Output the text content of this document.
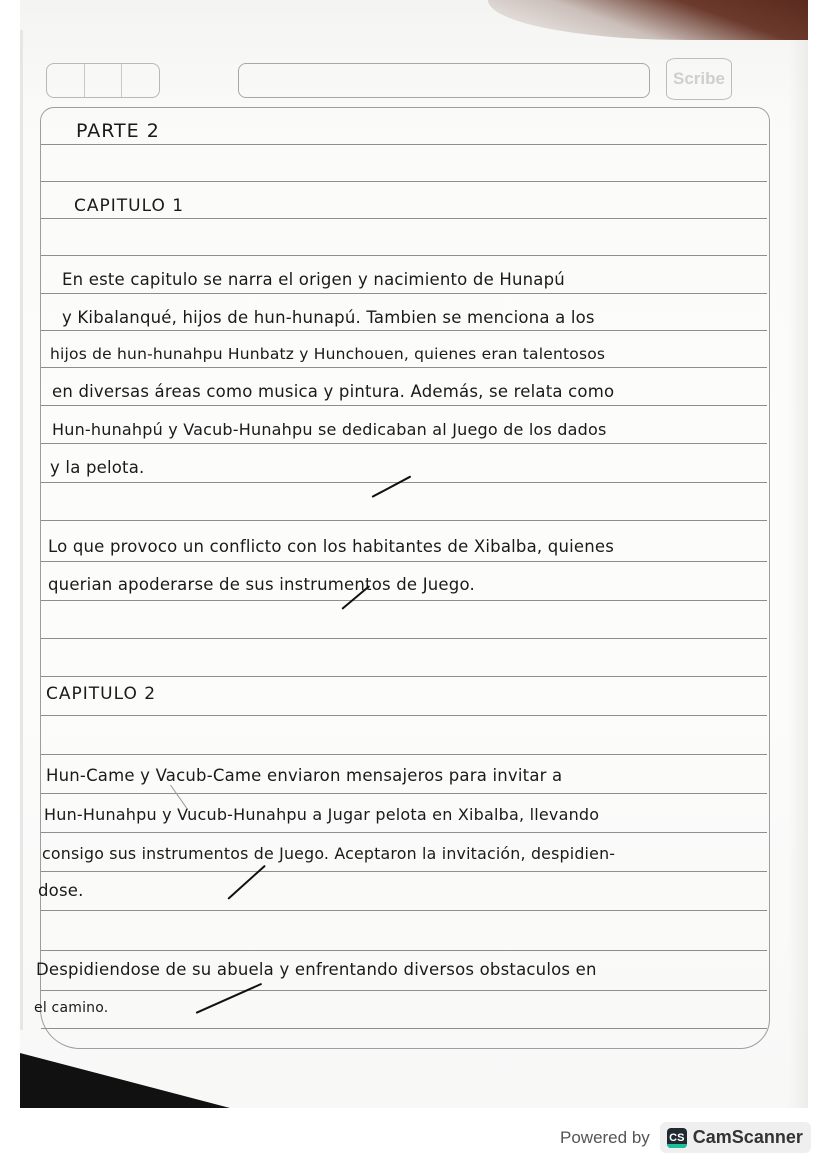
Scribe
PARTE 2
CAPITULO 1
En este capitulo se narra el origen y nacimiento de Hunapú
y Kibalanqué, hijos de hun-hunapú. Tambien se menciona a los
hijos de hun-hunahpu Hunbatz y Hunchouen, quienes eran talentosos
en diversas áreas como musica y pintura. Además, se relata como
Hun-hunahpú y Vacub-Hunahpu se dedicaban al Juego de los dados
y la pelota.
Lo que provoco un conflicto con los habitantes de Xibalba, quienes
querian apoderarse de sus instrumentos de Juego.
CAPITULO 2
Hun-Came y Vacub-Came enviaron mensajeros para invitar a
Hun-Hunahpu y Vucub-Hunahpu a Jugar pelota en Xibalba, llevando
consigo sus instrumentos de Juego. Aceptaron la invitación, despidien-
dose.
Despidiendose de su abuela y enfrentando diversos obstaculos en
el camino.
Powered by CS CamScanner
